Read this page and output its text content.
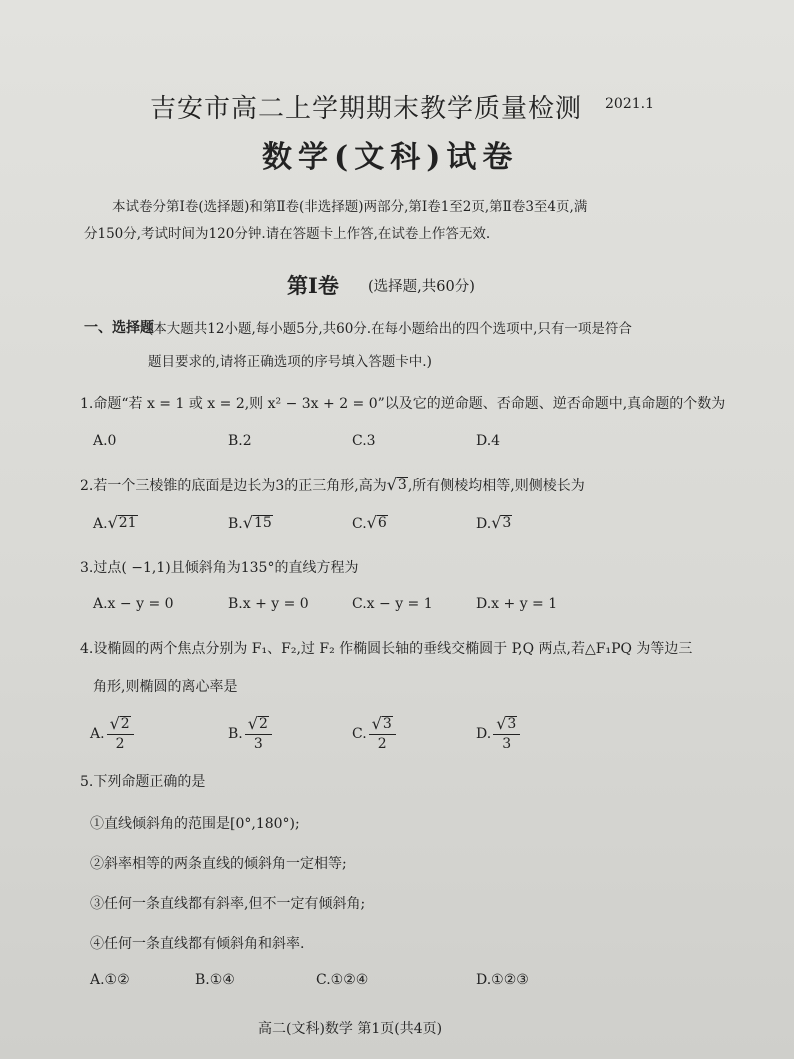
吉安市高二上学期期末教学质量检测 2021.1
数学(文科)试卷
本试卷分第Ⅰ卷(选择题)和第Ⅱ卷(非选择题)两部分,第Ⅰ卷1至2页,第Ⅱ卷3至4页,满
分150分,考试时间为120分钟.请在答题卡上作答,在试卷上作答无效.
第Ⅰ卷 (选择题,共60分)
一、选择题
(本大题共12小题,每小题5分,共60分.在每小题给出的四个选项中,只有一项是符合
题目要求的,请将正确选项的序号填入答题卡中.)
1.命题“若 x = 1 或 x = 2,则 x² − 3x + 2 = 0”以及它的逆命题、否命题、逆否命题中,真命题的个数为
A.0	B.2	C.3	D.4
2.若一个三棱锥的底面是边长为3的正三角形,高为 √ 3 ,所有侧棱均相等,则侧棱长为
A. √ 21	B. √ 15	C. √ 6	D. √ 3
3.过点( −1,1)且倾斜角为135°的直线方程为
A.x − y = 0	B.x + y = 0	C.x − y = 1	D.x + y = 1
4.设椭圆的两个焦点分别为 F₁、F₂,过 F₂ 作椭圆长轴的垂线交椭圆于 P,Q 两点,若△F₁PQ 为等边三
角形,则椭圆的离心率是
A. $\frac{√ 2}{2}$	B. $\frac{√ 2}{3}$	C. $\frac{√ 3}{2}$	D. $\frac{√ 3}{3}$
5.下列命题正确的是
①直线倾斜角的范围是[0°,180°);
②斜率相等的两条直线的倾斜角一定相等;
③任何一条直线都有斜率,但不一定有倾斜角;
④任何一条直线都有倾斜角和斜率.
A.①②	B.①④	C.①②④	D.①②③
高二(文科)数学 第1页(共4页)
